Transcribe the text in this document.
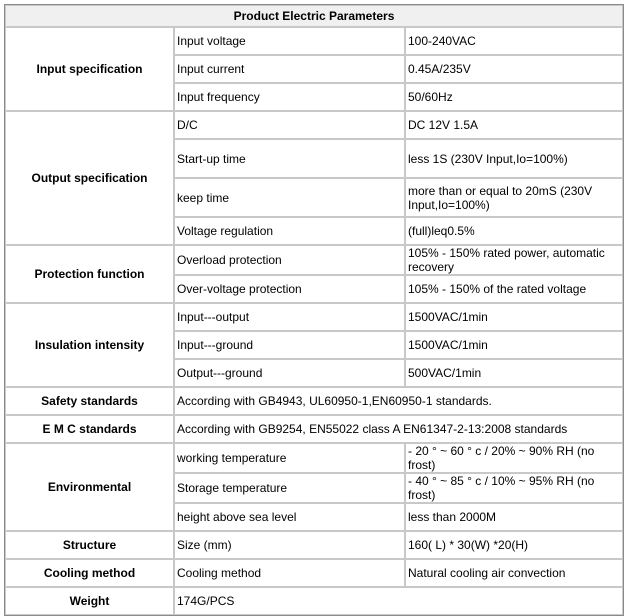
Product Electric Parameters		
Input specification	Input voltage	100-240VAC
	Input current	0.45A/235V
	Input frequency	50/60Hz
Output specification	D/C	DC 12V 1.5A
	Start-up time	less 1S (230V Input,Io=100%)
	keep time	more than or equal to 20mS (230V Input,Io=100%)
	Voltage regulation	(full)leq0.5%
Protection function	Overload protection	105% - 150% rated power, automatic recovery

	Over-voltage protection	105% - 150% of the rated voltage
Insulation intensity	Input---output	1500VAC/1min
	Input---ground	1500VAC/1min
	Output---ground	500VAC/1min
Safety standards	According with GB4943, UL60950-1,EN60950-1 standards.	
E M C standards	According with GB9254, EN55022 class A EN61347-2-13:2008 standards	
Environmental	working temperature	- 20 ° ~ 60 ° c / 20% ~ 90% RH (no frost)

	Storage temperature	- 40 ° ~ 85 ° c / 10% ~ 95% RH (no frost)

	height above sea level	less than 2000M
Structure	Size (mm)	160( L) * 30(W) *20(H)
Cooling method	Cooling method	Natural cooling air convection
Weight	174G/PCS	
